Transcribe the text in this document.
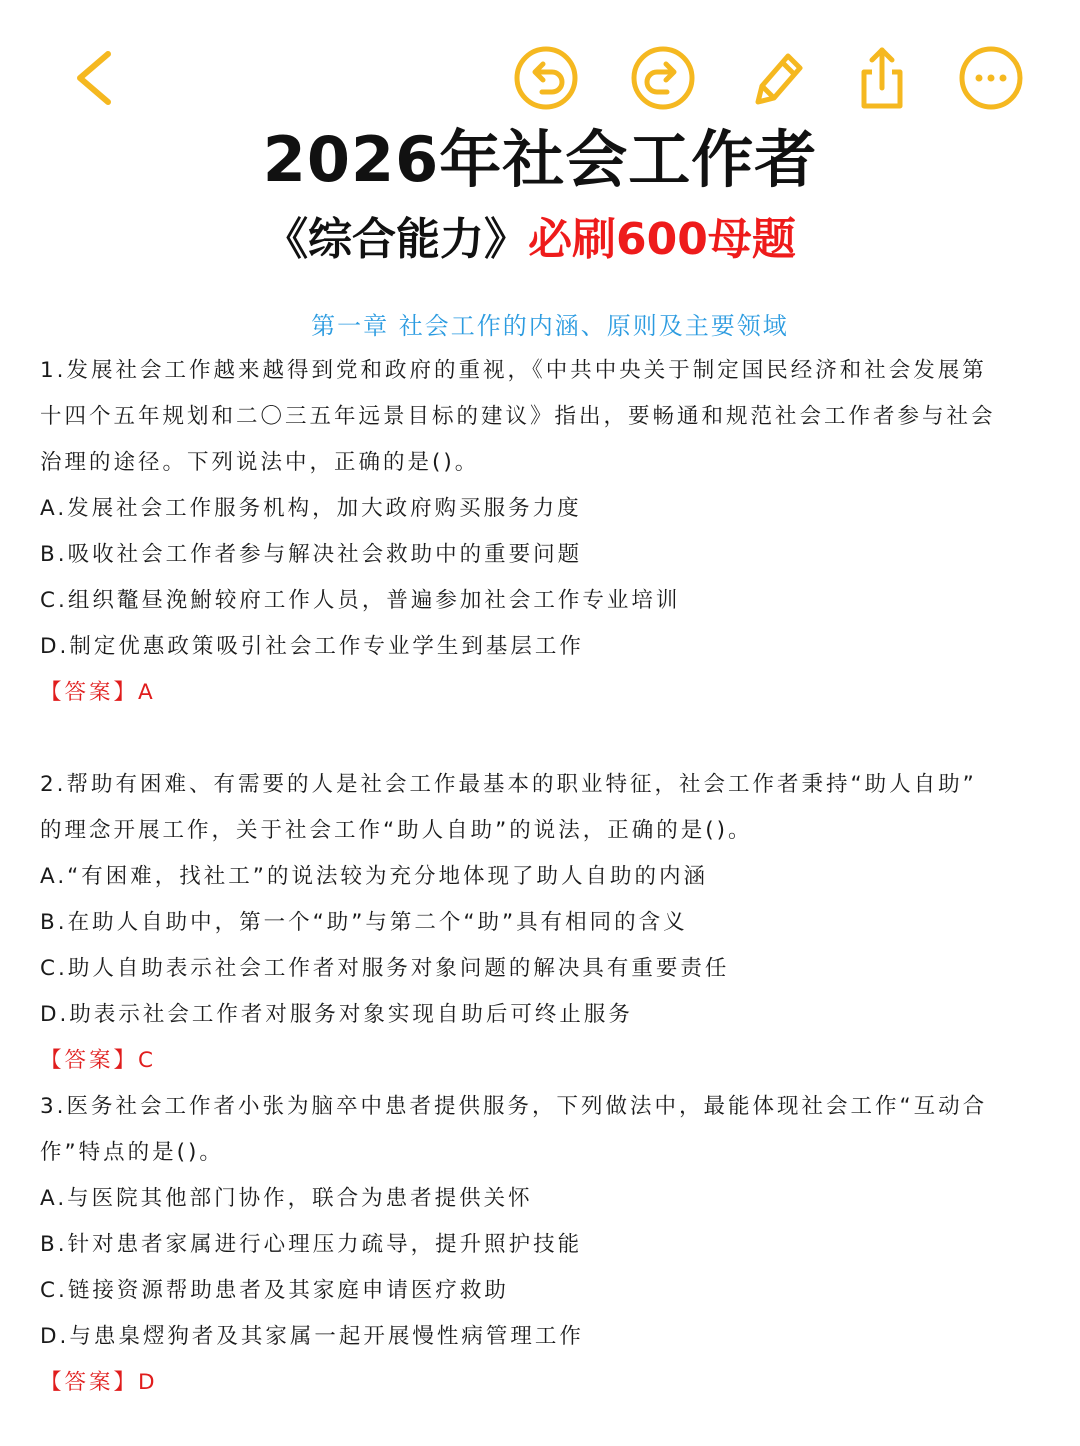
2026年社会工作者
《综合能力》必刷600母题
第一章 社会工作的内涵、原则及主要领域
1.发展社会工作越来越得到党和政府的重视，《中共中央关于制定国民经济和社会发展第
十四个五年规划和二〇三五年远景目标的建议》指出，要畅通和规范社会工作者参与社会
治理的途径。下列说法中，正确的是()。
A.发展社会工作服务机构，加大政府购买服务力度
B.吸收社会工作者参与解决社会救助中的重要问题
C.组织鼇昼浼鮒较府工作人员，普遍参加社会工作专业培训
D.制定优惠政策吸引社会工作专业学生到基层工作
【答案】A
2.帮助有困难、有需要的人是社会工作最基本的职业特征，社会工作者秉持“助人自助”
的理念开展工作，关于社会工作“助人自助”的说法，正确的是()。
A.“有困难，找社工”的说法较为充分地体现了助人自助的内涵
B.在助人自助中，第一个“助”与第二个“助”具有相同的含义
C.助人自助表示社会工作者对服务对象问题的解决具有重要责任
D.助表示社会工作者对服务对象实现自助后可终止服务
【答案】C
3.医务社会工作者小张为脑卒中患者提供服务，下列做法中，最能体现社会工作“互动合
作”特点的是()。
A.与医院其他部门协作，联合为患者提供关怀
B.针对患者家属进行心理压力疏导，提升照护技能
C.链接资源帮助患者及其家庭申请医疗救助
D.与患臬熤狗者及其家属一起开展慢性病管理工作
【答案】D
